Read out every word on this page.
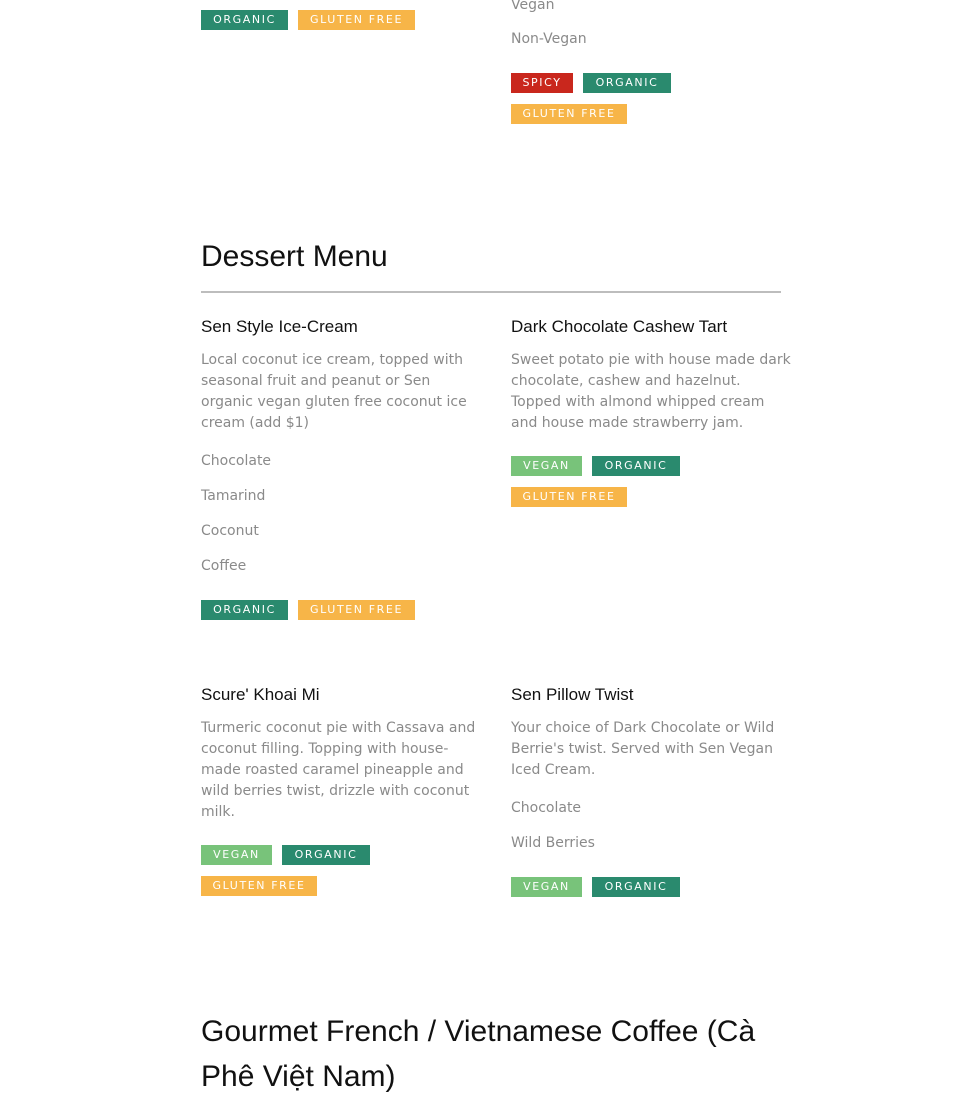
ORGANIC	GLUTEN FREE
Vegan
Non-Vegan
SPICY	ORGANIC
GLUTEN FREE
Dessert Menu
Sen Style Ice-Cream
Local coconut ice cream, topped with
seasonal fruit and peanut or Sen
organic vegan gluten free coconut ice
cream (add $1)
Chocolate
Tamarind
Coconut
Coffee
ORGANIC	GLUTEN FREE
Dark Chocolate Cashew Tart
Sweet potato pie with house made dark
chocolate, cashew and hazelnut.
Topped with almond whipped cream
and house made strawberry jam.
VEGAN	ORGANIC
GLUTEN FREE
Scure' Khoai Mi
Turmeric coconut pie with Cassava and
coconut filling. Topping with house-
made roasted caramel pineapple and
wild berries twist, drizzle with coconut
milk.
VEGAN	ORGANIC
GLUTEN FREE
Sen Pillow Twist
Your choice of Dark Chocolate or Wild
Berrie's twist. Served with Sen Vegan
Iced Cream.
Chocolate
Wild Berries
VEGAN	ORGANIC
Gourmet French / Vietnamese Coffee (Cà
Phê Việt Nam)
